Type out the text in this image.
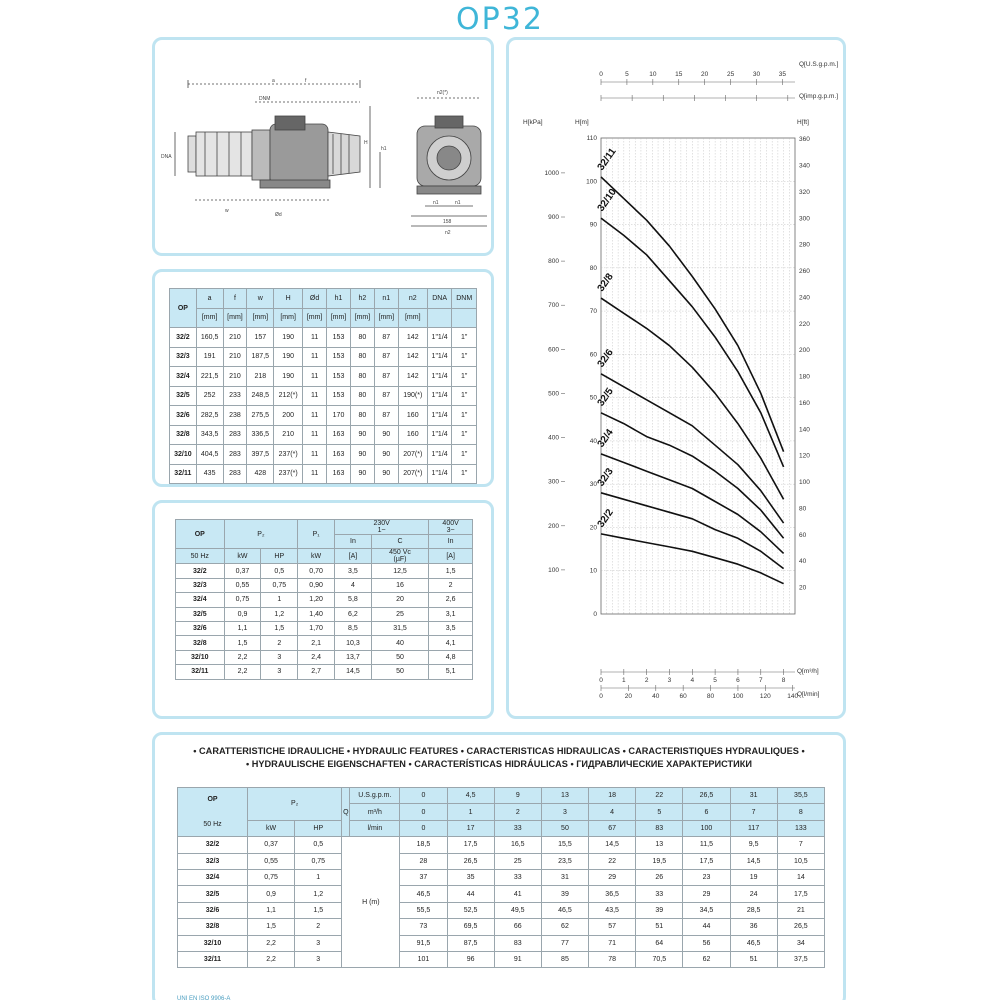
OP32
a	f
DNM
h1
H
DNA
w
Ød
n2(*)
n1	n1
158
n2
OP	a	f	w	H	Ød	h1	h2	n1	n2	DNA	DNM
	[mm]	[mm]	[mm]	[mm]	[mm]	[mm]	[mm]	[mm]	[mm]		
32/2	160,5	210	157	190	11	153	80	87	142	1"1/4	1"
32/3	191	210	187,5	190	11	153	80	87	142	1"1/4	1"
32/4	221,5	210	218	190	11	153	80	87	142	1"1/4	1"
32/5	252	233	248,5	212(*)	11	153	80	87	190(*)	1"1/4	1"
32/6	282,5	238	275,5	200	11	170	80	87	160	1"1/4	1"
32/8	343,5	283	336,5	210	11	163	90	90	160	1"1/4	1"
32/10	404,5	283	397,5	237(*)	11	163	90	90	207(*)	1"1/4	1"
32/11	435	283	428	237(*)	11	163	90	90	207(*)	1"1/4	1"
OP	P₂		P₁	230V
1~		400V
3~
				In	C	In
50 Hz	kW	HP	kW	[A]	450 Vc
(µF)	[A]
32/2	0,37	0,5	0,70	3,5	12,5	1,5
32/3	0,55	0,75	0,90	4	16	2
32/4	0,75	1	1,20	5,8	20	2,6
32/5	0,9	1,2	1,40	6,2	25	3,1
32/6	1,1	1,5	1,70	8,5	31,5	3,5
32/8	1,5	2	2,1	10,3	40	4,1
32/10	2,2	3	2,4	13,7	50	4,8
32/11	2,2	3	2,7	14,5	50	5,1
0
10
20
30
40
50
60
70
80
90
100
110
100
200
300
400
500
600
700
800
900
1000
20
40
60
80
100
120
140
160
180
200
220
240
260
280
300
320
340
360
H[kPa]	H[m]	H[ft]
0	1	2	3	4	5	6	7	8
Q[m³/h]
0	20	40	60	80	100	120	140
Q[l/min]
0	5	10	15	20	25	30	35
Q[U.S.g.p.m.]
Q[imp.g.p.m.]
32/2
32/3
32/4
32/5
32/6
32/8
32/10
32/11
• CARATTERISTICHE IDRAULICHE • HYDRAULIC FEATURES • CARACTERISTICAS HIDRAULICAS • CARACTERISTIQUES HYDRAULIQUES •
• HYDRAULISCHE EIGENSCHAFTEN • CARACTERÍSTICAS HIDRÁULICAS • ГИДРАВЛИЧЕСКИЕ ХАРАКТЕРИСТИКИ
OP
50 Hz	P₂		Q	U.S.g.p.m.	0	4,5	9	13	18	22	26,5	31	35,5
				m³/h	0	1	2	3	4	5	6	7	8
	kW	HP		l/min	0	17	33	50	67	83	100	117	133
32/2	0,37	0,5	H (m)		18,5	17,5	16,5	15,5	14,5	13	11,5	9,5	7
32/3	0,55	0,75			28	26,5	25	23,5	22	19,5	17,5	14,5	10,5
32/4	0,75	1			37	35	33	31	29	26	23	19	14
32/5	0,9	1,2			46,5	44	41	39	36,5	33	29	24	17,5
32/6	1,1	1,5			55,5	52,5	49,5	46,5	43,5	39	34,5	28,5	21
32/8	1,5	2			73	69,5	66	62	57	51	44	36	26,5
32/10	2,2	3			91,5	87,5	83	77	71	64	56	46,5	34
32/11	2,2	3			101	96	91	85	78	70,5	62	51	37,5
UNI EN ISO 9906-A
